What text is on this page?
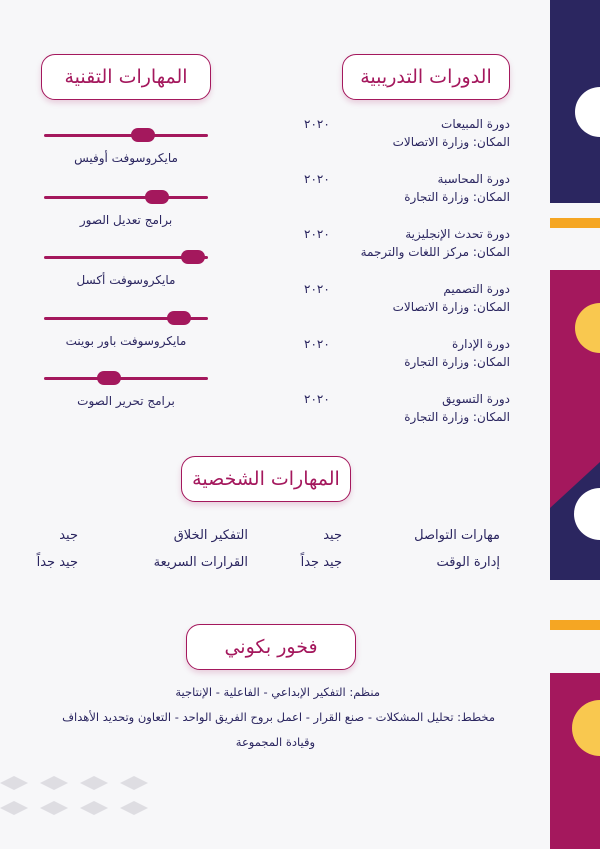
الدورات التدريبية
المهارات التقنية
المهارات الشخصية
فخور بكوني
دورة المبيعات
المكان: وزارة الاتصالات
٢٠٢٠
دورة المحاسبة
المكان: وزارة التجارة
٢٠٢٠
دورة تحدث الإنجليزية
المكان: مركز اللغات والترجمة
٢٠٢٠
دورة التصميم
المكان: وزارة الاتصالات
٢٠٢٠
دورة الإدارة
المكان: وزارة التجارة
٢٠٢٠
دورة التسويق
المكان: وزارة التجارة
٢٠٢٠
مايكروسوفت أوفيس
برامج تعديل الصور
مايكروسوفت أكسل
مايكروسوفت باور بوينت
برامج تحرير الصوت
مهارات التواصل
جيد
التفكير الخلاق
جيد
إدارة الوقت
جيد جداً
القرارات السريعة
جيد جداً
منظم: التفكير الإبداعي - الفاعلية - الإنتاجية
مخطط: تحليل المشكلات - صنع القرار - اعمل بروح الفريق الواحد - التعاون وتحديد الأهداف
وقيادة المجموعة
